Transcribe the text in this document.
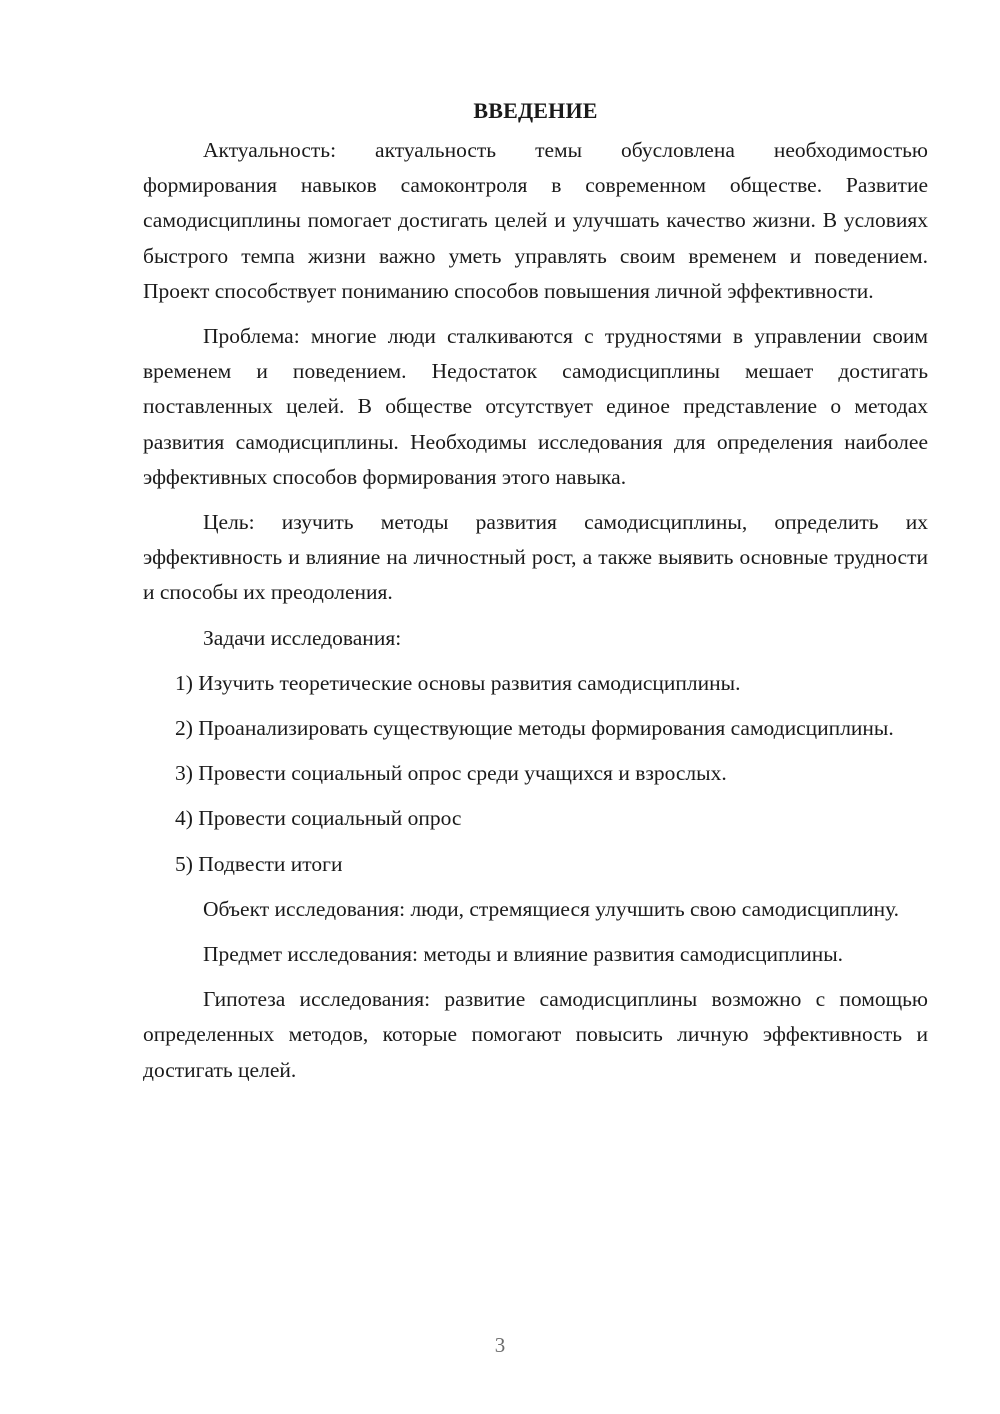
ВВЕДЕНИЕ

Актуальность: актуальность темы обусловлена необходимостью формирования навыков самоконтроля в современном обществе. Развитие самодисциплины помогает достигать целей и улучшать качество жизни. В условиях быстрого темпа жизни важно уметь управлять своим временем и поведением. Проект способствует пониманию способов повышения личной эффективности.

Проблема: многие люди сталкиваются с трудностями в управлении своим временем и поведением. Недостаток самодисциплины мешает достигать поставленных целей. В обществе отсутствует единое представление о методах развития самодисциплины. Необходимы исследования для определения наиболее эффективных способов формирования этого навыка.

Цель: изучить методы развития самодисциплины, определить их эффективность и влияние на личностный рост, а также выявить основные трудности и способы их преодоления.

Задачи исследования:

1) Изучить теоретические основы развития самодисциплины.

2) Проанализировать существующие методы формирования самодисциплины.

3) Провести социальный опрос среди учащихся и взрослых.

4) Провести социальный опрос

5) Подвести итоги

Объект исследования: люди, стремящиеся улучшить свою самодисциплину.

Предмет исследования: методы и влияние развития самодисциплины.

Гипотеза исследования: развитие самодисциплины возможно с помощью определенных методов, которые помогают повысить личную эффективность и достигать целей.

3
